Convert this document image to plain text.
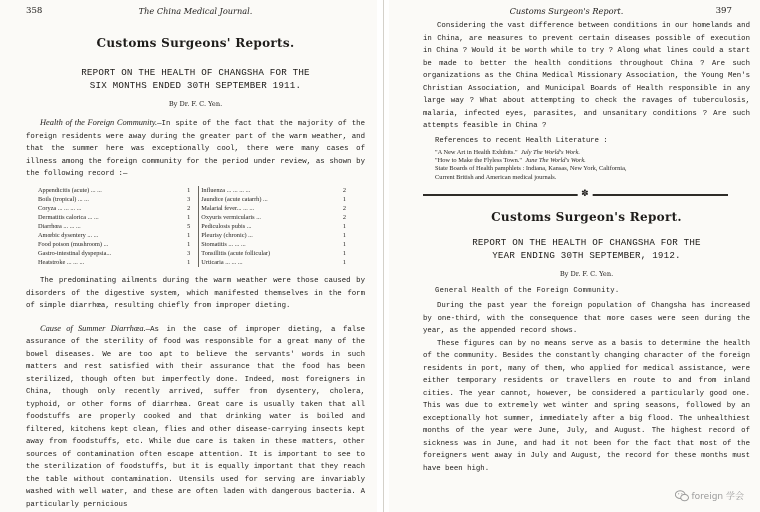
358	The China Medical Journal.
Customs Surgeons' Reports.
REPORT ON THE HEALTH OF CHANGSHA FOR THE
SIX MONTHS ENDED 30TH SEPTEMBER 1911.
By Dr. F. C. Yen.

Health of the Foreign Community.—In spite of the fact that the majority of the foreign residents were away during the greater part of the warm weather, and that the summer here was exceptionally cool, there were many cases of illness among the foreign community for the period under review, as shown by the following record :—

Appendicitis (acute) ... ...	1	Influenza ... ... ... ...	2
Boils (tropical) ... ...	3	Jaundice (acute catarrh) ...	1
Coryza ... ... ... ...	2	Malarial fever... ... ...	2
Dermatitis calorica ... ...	1	Oxyuris vermicularis ...	2
Diarrhœa ... ... ...	5	Pediculosis pubis ...	1
Amœbic dysentery ... ...	1	Pleurisy (chronic) ...	1
Food poison (mushroom) ...	1	Stomatitis ... ... ...	1
Gastro-intestinal dyspepsia...	3	Tonsillitis (acute follicular)	1
Heatstroke ... ... ...	1	Urticaria ... ... ...	1

The predominating ailments during the warm weather were those caused by disorders of the digestive system, which manifested themselves in the form of simple diarrhœa, resulting chiefly from improper dieting.

Cause of Summer Diarrhœa.—As in the case of improper dieting, a false assurance of the sterility of food was responsible for a great many of the bowel diseases. We are too apt to believe the servants' words in such matters and rest satisfied with their assurance that the food has been sterilized, though often but imperfectly done. Indeed, most foreigners in China, though only recently arrived, suffer from dysentery, cholera, typhoid, or other forms of diarrhœa. Great care is usually taken that all foodstuffs are properly cooked and that drinking water is boiled and filtered, kitchens kept clean, flies and other disease-carrying insects kept away from foodstuffs, etc. While due care is taken in these matters, other sources of contamination often escape attention. It is important to see to the sterilization of foodstuffs, but it is equally important that they reach the table without contamination. Utensils used for serving are invariably washed with well water, and these are often laden with dangerous bacteria. A particularly pernicious

Customs Surgeon's Report.	397

Considering the vast difference between conditions in our homelands and in China, are measures to prevent certain diseases possible of execution in China ? Would it be worth while to try ? Along what lines could a start be made to better the health conditions throughout China ? Are such organizations as the China Medical Missionary Association, the Young Men's Christian Association, and Municipal Boards of Health responsible in any large way ? What about attempting to check the ravages of tuberculosis, malaria, infected eyes, parasites, and unsanitary conditions ? Are such attempts feasible in China ?

References to recent Health Literature :
"A New Art in Health Exhibits." July The World's Work.
"How to Make the Flyless Town." June The World's Work.
State Boards of Health pamphlets : Indiana, Kansas, New York, California,
Current British and American medical journals.
✽
Customs Surgeon's Report.
REPORT ON THE HEALTH OF CHANGSHA FOR THE
YEAR ENDING 30TH SEPTEMBER, 1912.
By Dr. F. C. Yen.
General Health of the Foreign Community.

During the past year the foreign population of Changsha has increased by one-third, with the consequence that more cases were seen during the year, as the appended record shows.

These figures can by no means serve as a basis to determine the health of the community. Besides the constantly changing character of the foreign residents in port, many of them, who applied for medical assistance, were either temporary residents or travellers en route to and from inland cities. The year cannot, however, be considered a particularly good one. This was due to extremely wet winter and spring seasons, followed by an exceptionally hot summer, immediately after a big flood. The unhealthiest months of the year were June, July, and August. The highest record of sickness was in June, and had it not been for the fact that most of the foreigners went away in July and August, the record for these months must have been high.

foreign 学会
